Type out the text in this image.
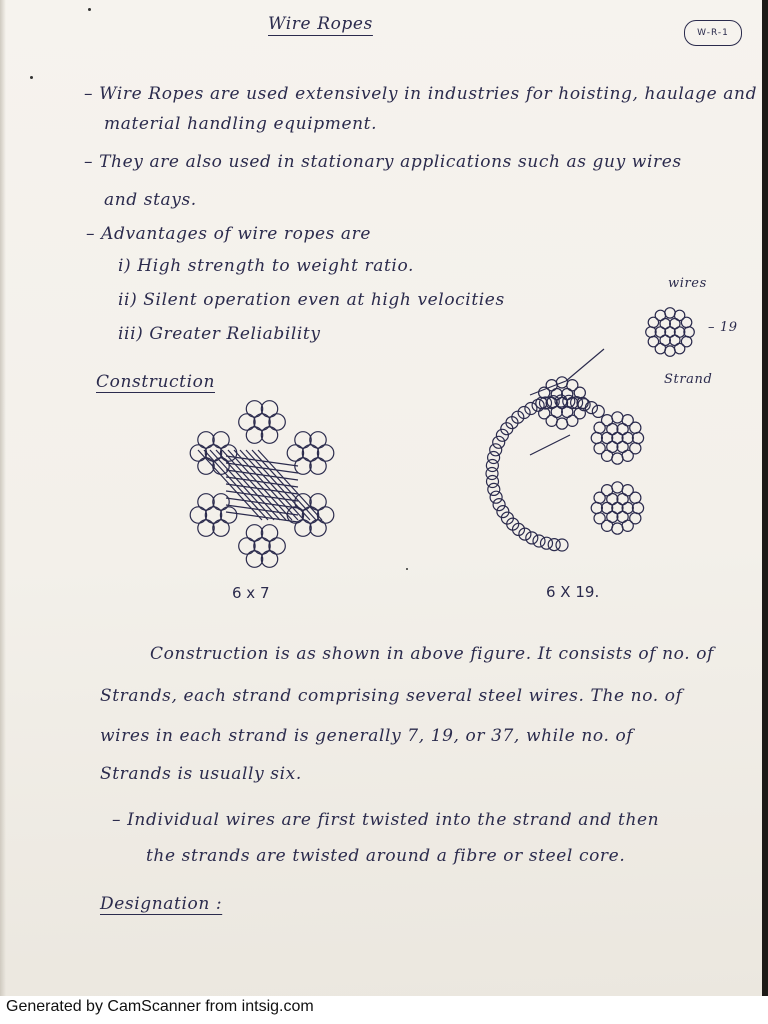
Wire Ropes	W-R-1
– Wire Ropes are used extensively in industries for hoisting, haulage and
material handling equipment.
– They are also used in stationary applications such as guy wires
and stays.
– Advantages of wire ropes are
i) High strength to weight ratio.
ii) Silent operation even at high velocities
iii) Greater Reliability
wires
– 19
Strand
Construction
6 x 7	6 X 19.
Construction is as shown in above figure. It consists of no. of
Strands, each strand comprising several steel wires. The no. of
wires in each strand is generally 7, 19, or 37, while no. of
Strands is usually six.
– Individual wires are first twisted into the strand and then
the strands are twisted around a fibre or steel core.
Designation :
Generated by CamScanner from intsig.com
